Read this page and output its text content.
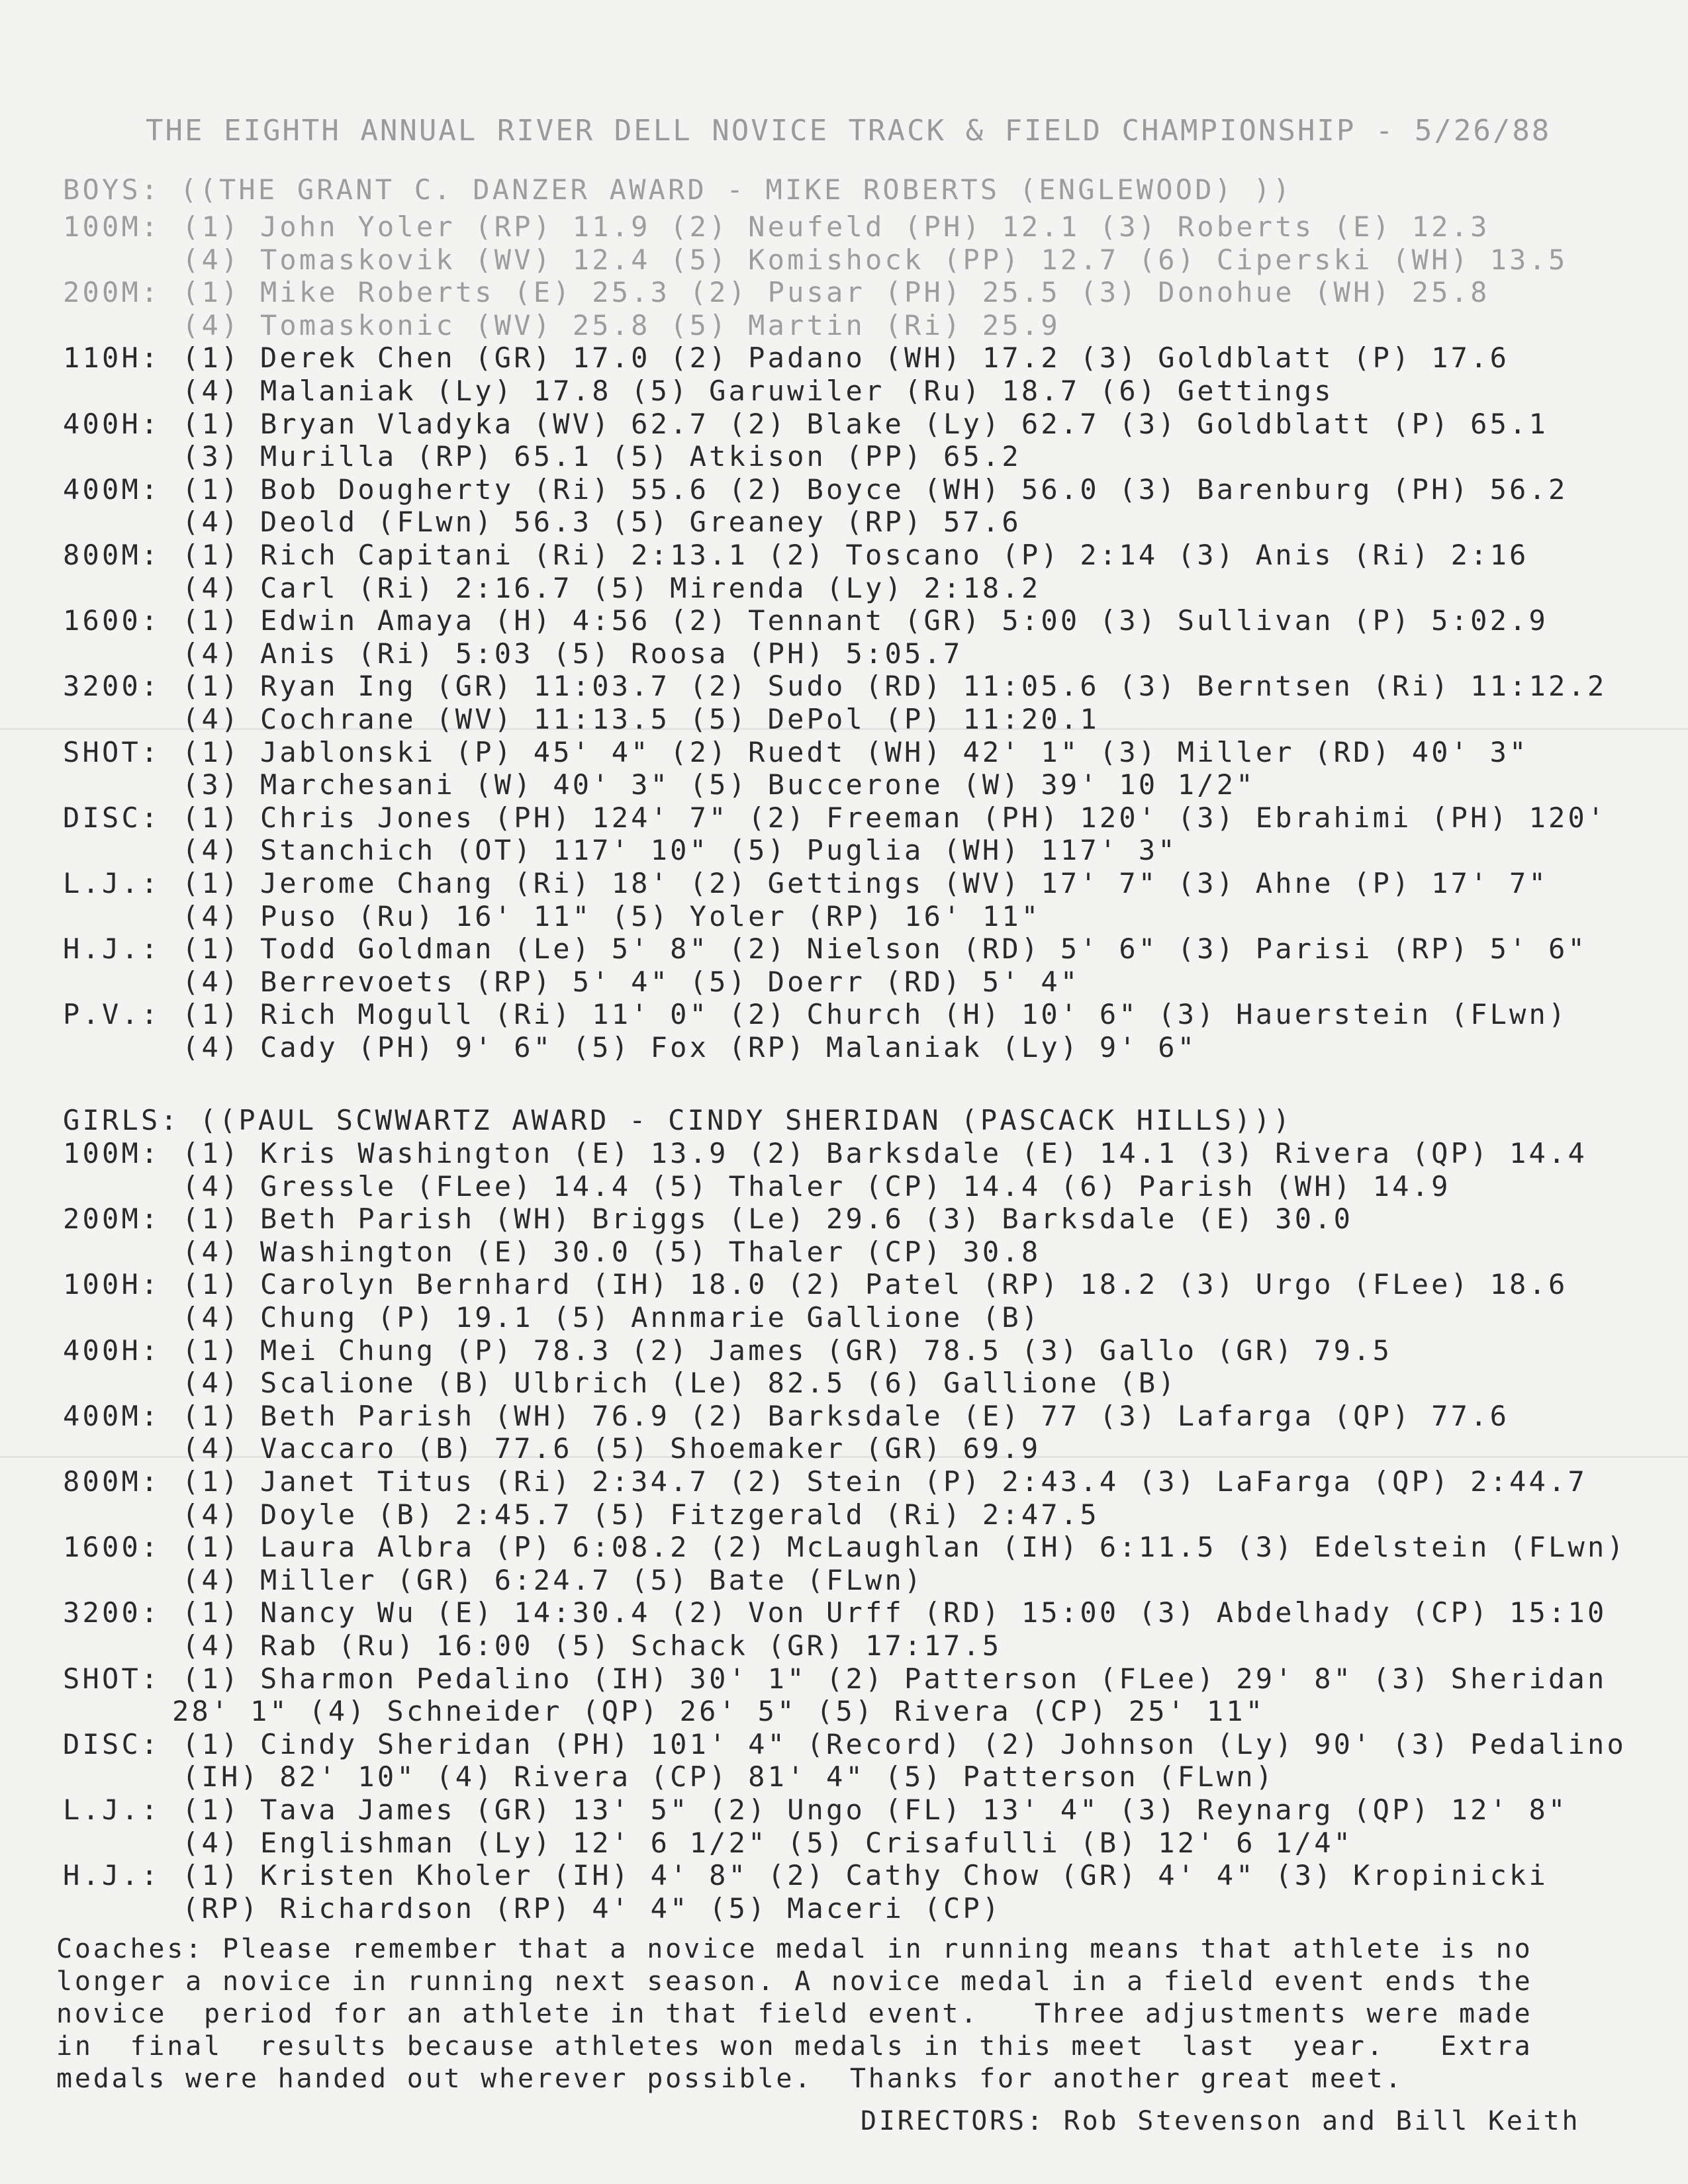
THE EIGHTH ANNUAL RIVER DELL NOVICE TRACK & FIELD CHAMPIONSHIP - 5/26/88
BOYS: ((THE GRANT C. DANZER AWARD - MIKE ROBERTS (ENGLEWOOD) ))
100M: (1) John Yoler (RP) 11.9 (2) Neufeld (PH) 12.1 (3) Roberts (E) 12.3
(4) Tomaskovik (WV) 12.4 (5) Komishock (PP) 12.7 (6) Ciperski (WH) 13.5
200M: (1) Mike Roberts (E) 25.3 (2) Pusar (PH) 25.5 (3) Donohue (WH) 25.8
(4) Tomaskonic (WV) 25.8 (5) Martin (Ri) 25.9
110H: (1) Derek Chen (GR) 17.0 (2) Padano (WH) 17.2 (3) Goldblatt (P) 17.6
(4) Malaniak (Ly) 17.8 (5) Garuwiler (Ru) 18.7 (6) Gettings
400H: (1) Bryan Vladyka (WV) 62.7 (2) Blake (Ly) 62.7 (3) Goldblatt (P) 65.1
(3) Murilla (RP) 65.1 (5) Atkison (PP) 65.2
400M: (1) Bob Dougherty (Ri) 55.6 (2) Boyce (WH) 56.0 (3) Barenburg (PH) 56.2
(4) Deold (FLwn) 56.3 (5) Greaney (RP) 57.6
800M: (1) Rich Capitani (Ri) 2:13.1 (2) Toscano (P) 2:14 (3) Anis (Ri) 2:16
(4) Carl (Ri) 2:16.7 (5) Mirenda (Ly) 2:18.2
1600: (1) Edwin Amaya (H) 4:56 (2) Tennant (GR) 5:00 (3) Sullivan (P) 5:02.9
(4) Anis (Ri) 5:03 (5) Roosa (PH) 5:05.7
3200: (1) Ryan Ing (GR) 11:03.7 (2) Sudo (RD) 11:05.6 (3) Berntsen (Ri) 11:12.2
(4) Cochrane (WV) 11:13.5 (5) DePol (P) 11:20.1
SHOT: (1) Jablonski (P) 45' 4" (2) Ruedt (WH) 42' 1" (3) Miller (RD) 40' 3"
(3) Marchesani (W) 40' 3" (5) Buccerone (W) 39' 10 1/2"
DISC: (1) Chris Jones (PH) 124' 7" (2) Freeman (PH) 120' (3) Ebrahimi (PH) 120'
(4) Stanchich (OT) 117' 10" (5) Puglia (WH) 117' 3"
L.J.: (1) Jerome Chang (Ri) 18' (2) Gettings (WV) 17' 7" (3) Ahne (P) 17' 7"
(4) Puso (Ru) 16' 11" (5) Yoler (RP) 16' 11"
H.J.: (1) Todd Goldman (Le) 5' 8" (2) Nielson (RD) 5' 6" (3) Parisi (RP) 5' 6"
(4) Berrevoets (RP) 5' 4" (5) Doerr (RD) 5' 4"
P.V.: (1) Rich Mogull (Ri) 11' 0" (2) Church (H) 10' 6" (3) Hauerstein (FLwn)
(4) Cady (PH) 9' 6" (5) Fox (RP) Malaniak (Ly) 9' 6"
GIRLS: ((PAUL SCWWARTZ AWARD - CINDY SHERIDAN (PASCACK HILLS)))
100M: (1) Kris Washington (E) 13.9 (2) Barksdale (E) 14.1 (3) Rivera (QP) 14.4
(4) Gressle (FLee) 14.4 (5) Thaler (CP) 14.4 (6) Parish (WH) 14.9
200M: (1) Beth Parish (WH) Briggs (Le) 29.6 (3) Barksdale (E) 30.0
(4) Washington (E) 30.0 (5) Thaler (CP) 30.8
100H: (1) Carolyn Bernhard (IH) 18.0 (2) Patel (RP) 18.2 (3) Urgo (FLee) 18.6
(4) Chung (P) 19.1 (5) Annmarie Gallione (B)
400H: (1) Mei Chung (P) 78.3 (2) James (GR) 78.5 (3) Gallo (GR) 79.5
(4) Scalione (B) Ulbrich (Le) 82.5 (6) Gallione (B)
400M: (1) Beth Parish (WH) 76.9 (2) Barksdale (E) 77 (3) Lafarga (QP) 77.6
(4) Vaccaro (B) 77.6 (5) Shoemaker (GR) 69.9
800M: (1) Janet Titus (Ri) 2:34.7 (2) Stein (P) 2:43.4 (3) LaFarga (QP) 2:44.7
(4) Doyle (B) 2:45.7 (5) Fitzgerald (Ri) 2:47.5
1600: (1) Laura Albra (P) 6:08.2 (2) McLaughlan (IH) 6:11.5 (3) Edelstein (FLwn)
(4) Miller (GR) 6:24.7 (5) Bate (FLwn)
3200: (1) Nancy Wu (E) 14:30.4 (2) Von Urff (RD) 15:00 (3) Abdelhady (CP) 15:10
(4) Rab (Ru) 16:00 (5) Schack (GR) 17:17.5
SHOT: (1) Sharmon Pedalino (IH) 30' 1" (2) Patterson (FLee) 29' 8" (3) Sheridan
28' 1" (4) Schneider (QP) 26' 5" (5) Rivera (CP) 25' 11"
DISC: (1) Cindy Sheridan (PH) 101' 4" (Record) (2) Johnson (Ly) 90' (3) Pedalino
(IH) 82' 10" (4) Rivera (CP) 81' 4" (5) Patterson (FLwn)
L.J.: (1) Tava James (GR) 13' 5" (2) Ungo (FL) 13' 4" (3) Reynarg (QP) 12' 8"
(4) Englishman (Ly) 12' 6 1/2" (5) Crisafulli (B) 12' 6 1/4"
H.J.: (1) Kristen Kholer (IH) 4' 8" (2) Cathy Chow (GR) 4' 4" (3) Kropinicki
(RP) Richardson (RP) 4' 4" (5) Maceri (CP)
Coaches: Please remember that a novice medal in running means that athlete is no
longer a novice in running next season. A novice medal in a field event ends the
novice  period for an athlete in that field event.   Three adjustments were made
in  final  results because athletes won medals in this meet  last  year.   Extra
medals were handed out wherever possible.  Thanks for another great meet.
DIRECTORS: Rob Stevenson and Bill Keith
